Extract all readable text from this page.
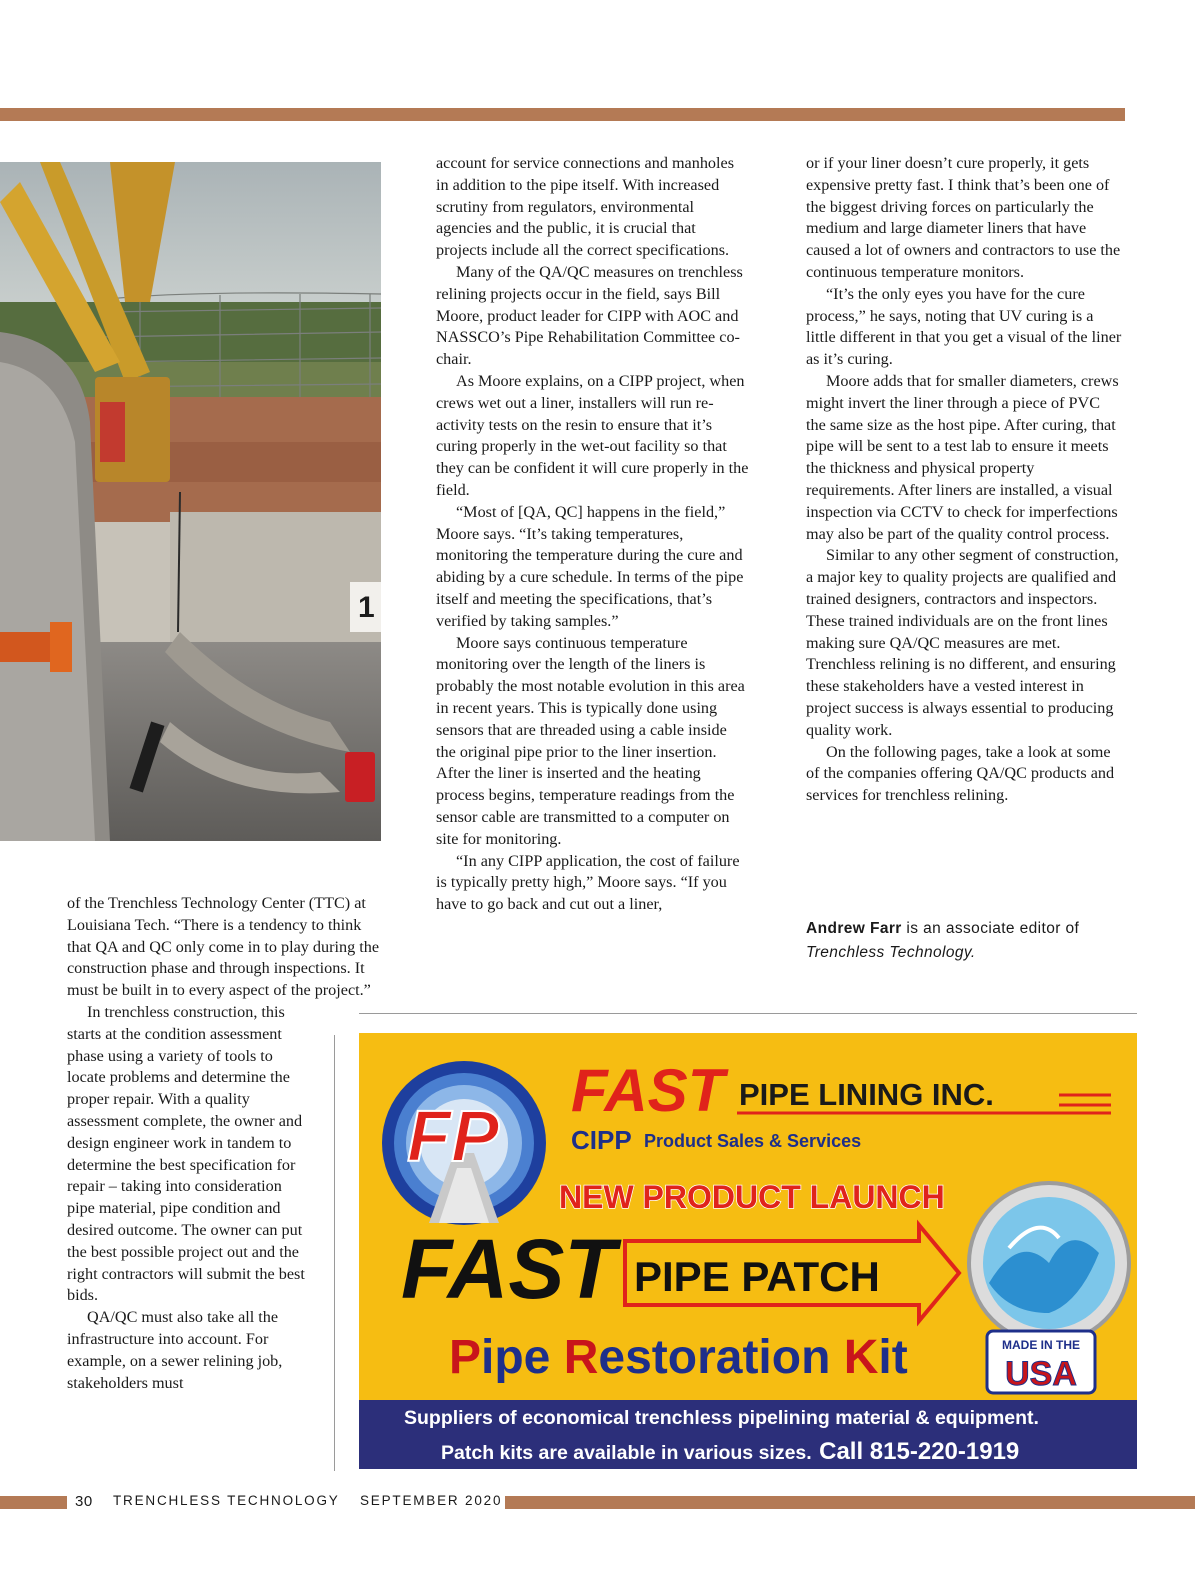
1

of the Trenchless Technology Center (TTC) at Louisiana Tech. “There is a tendency to think that QA and QC only come in to play during the construction phase and through inspections. It must be built in to every aspect of the project.”

In trenchless construction, this starts at the condition assessment phase using a variety of tools to locate problems and determine the proper repair. With a quality assessment complete, the owner and design engineer work in tandem to determine the best specification for repair – taking into consideration pipe material, pipe condition and desired outcome. The owner can put the best possible project out and the right contractors will submit the best bids.

QA/QC must also take all the infrastructure into account. For example, on a sewer relining job, stakeholders must

account for service connections and manholes in addition to the pipe itself. With increased scrutiny from regulators, environmental agencies and the public, it is crucial that projects include all the correct specifications.

Many of the QA/QC measures on trenchless relining projects occur in the field, says Bill Moore, product leader for CIPP with AOC and NASSCO’s Pipe Rehabilitation Committee co-chair.

As Moore explains, on a CIPP project, when crews wet out a liner, installers will run re-activity tests on the resin to ensure that it’s curing properly in the wet-out facility so that they can be confident it will cure properly in the field.

“Most of [QA, QC] happens in the field,” Moore says. “It’s taking temperatures, monitoring the temperature during the cure and abiding by a cure schedule. In terms of the pipe itself and meeting the specifications, that’s verified by taking samples.”

Moore says continuous temperature monitoring over the length of the liners is probably the most notable evolution in this area in recent years. This is typically done using sensors that are threaded using a cable inside the original pipe prior to the liner insertion. After the liner is inserted and the heating process begins, temperature readings from the sensor cable are transmitted to a computer on site for monitoring.

“In any CIPP application, the cost of failure is typically pretty high,” Moore says. “If you have to go back and cut out a liner,

or if your liner doesn’t cure properly, it gets expensive pretty fast. I think that’s been one of the biggest driving forces on particularly the medium and large diameter liners that have caused a lot of owners and contractors to use the continuous temperature monitors.

“It’s the only eyes you have for the cure process,” he says, noting that UV curing is a little different in that you get a visual of the liner as it’s curing.

Moore adds that for smaller diameters, crews might invert the liner through a piece of PVC the same size as the host pipe. After curing, that pipe will be sent to a test lab to ensure it meets the thickness and physical property requirements. After liners are installed, a visual inspection via CCTV to check for imperfections may also be part of the quality control process.

Similar to any other segment of construction, a major key to quality projects are qualified and trained designers, contractors and inspectors. These trained individuals are on the front lines making sure QA/QC measures are met. Trenchless relining is no different, and ensuring these stakeholders have a vested interest in project success is always essential to producing quality work.

On the following pages, take a look at some of the companies offering QA/QC products and services for trenchless relining.

Andrew Farr is an associate editor of
Trenchless Technology.
FP
FAST PIPE LINING INC.
CIPP Product Sales & Services
NEW PRODUCT LAUNCH
FAST PIPE PATCH
Pipe Restoration Kit	MADE IN THE
USA
Suppliers of economical trenchless pipelining material & equipment.
Patch kits are available in various sizes. Call 815-220-1919
30 TRENCHLESS TECHNOLOGY SEPTEMBER 2020
